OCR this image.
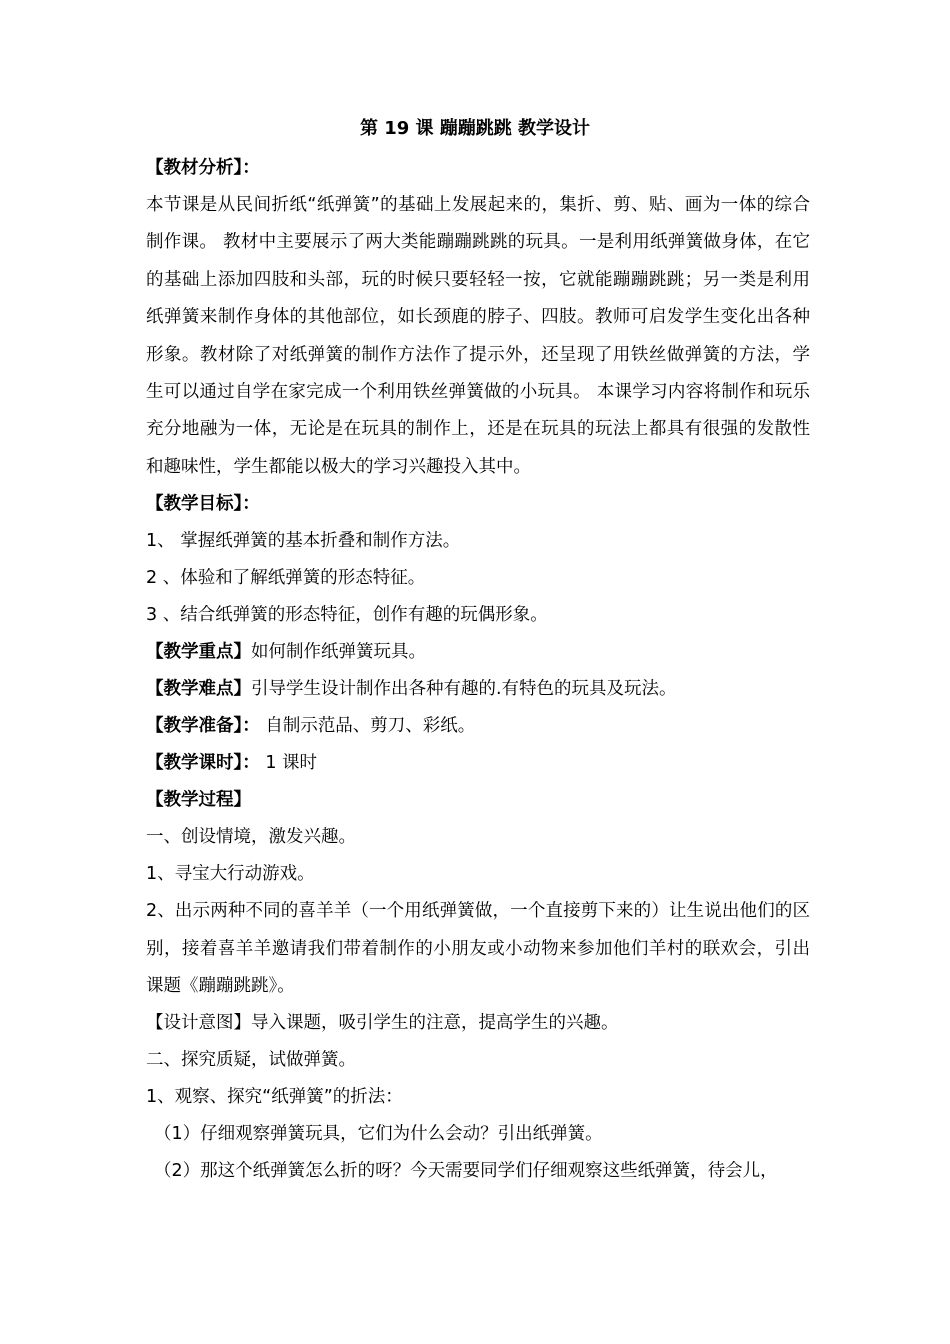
第 19 课 蹦蹦跳跳 教学设计
【教材分析】：

本节课是从民间折纸“纸弹簧”的基础上发展起来的，集折、剪、贴、画为一体的综合制作课。 教材中主要展示了两大类能蹦蹦跳跳的玩具。一是利用纸弹簧做身体，在它的基础上添加四肢和头部，玩的时候只要轻轻一按，它就能蹦蹦跳跳；另一类是利用纸弹簧来制作身体的其他部位，如长颈鹿的脖子、四肢。教师可启发学生变化出各种形象。教材除了对纸弹簧的制作方法作了提示外，还呈现了用铁丝做弹簧的方法，学生可以通过自学在家完成一个利用铁丝弹簧做的小玩具。 本课学习内容将制作和玩乐充分地融为一体，无论是在玩具的制作上，还是在玩具的玩法上都具有很强的发散性和趣味性，学生都能以极大的学习兴趣投入其中。

【教学目标】：
1、 掌握纸弹簧的基本折叠和制作方法。
2 、体验和了解纸弹簧的形态特征。
3 、结合纸弹簧的形态特征，创作有趣的玩偶形象。
【教学重点】如何制作纸弹簧玩具。
【教学难点】引导学生设计制作出各种有趣的.有特色的玩具及玩法。
【教学准备】： 自制示范品、剪刀、彩纸。
【教学课时】： 1 课时
【教学过程】
一、创设情境，激发兴趣。
1、寻宝大行动游戏。

2、出示两种不同的喜羊羊（一个用纸弹簧做，一个直接剪下来的）让生说出他们的区别，接着喜羊羊邀请我们带着制作的小朋友或小动物来参加他们羊村的联欢会，引出课题《蹦蹦跳跳》。

【设计意图】导入课题，吸引学生的注意，提高学生的兴趣。
二、探究质疑，试做弹簧。
1、观察、探究“纸弹簧”的折法：
（1）仔细观察弹簧玩具，它们为什么会动？引出纸弹簧。
（2）那这个纸弹簧怎么折的呀？今天需要同学们仔细观察这些纸弹簧，待会儿，
